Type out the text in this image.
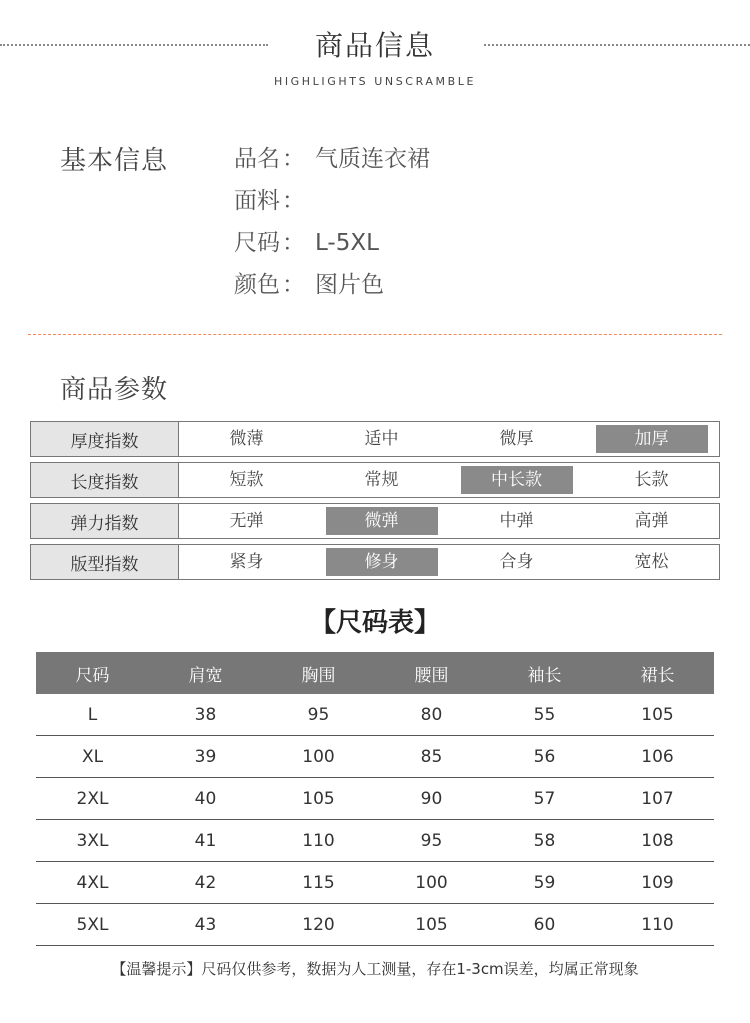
商品信息
HIGHLIGHTS UNSCRAMBLE
基本信息	品名： 气质连衣裙
面料：
尺码： L-5XL
颜色： 图片色
商品参数
厚度指数	微薄	适中	微厚	加厚
长度指数	短款	常规	中长款	长款
弹力指数	无弹	微弹	中弹	高弹
版型指数	紧身	修身	合身	宽松
【尺码表】
尺码	肩宽	胸围	腰围	袖长	裙长
L	38	95	80	55	105
XL	39	100	85	56	106
2XL	40	105	90	57	107
3XL	41	110	95	58	108
4XL	42	115	100	59	109
5XL	43	120	105	60	110
【温馨提示】尺码仅供参考，数据为人工测量，存在1-3cm误差，均属正常现象
